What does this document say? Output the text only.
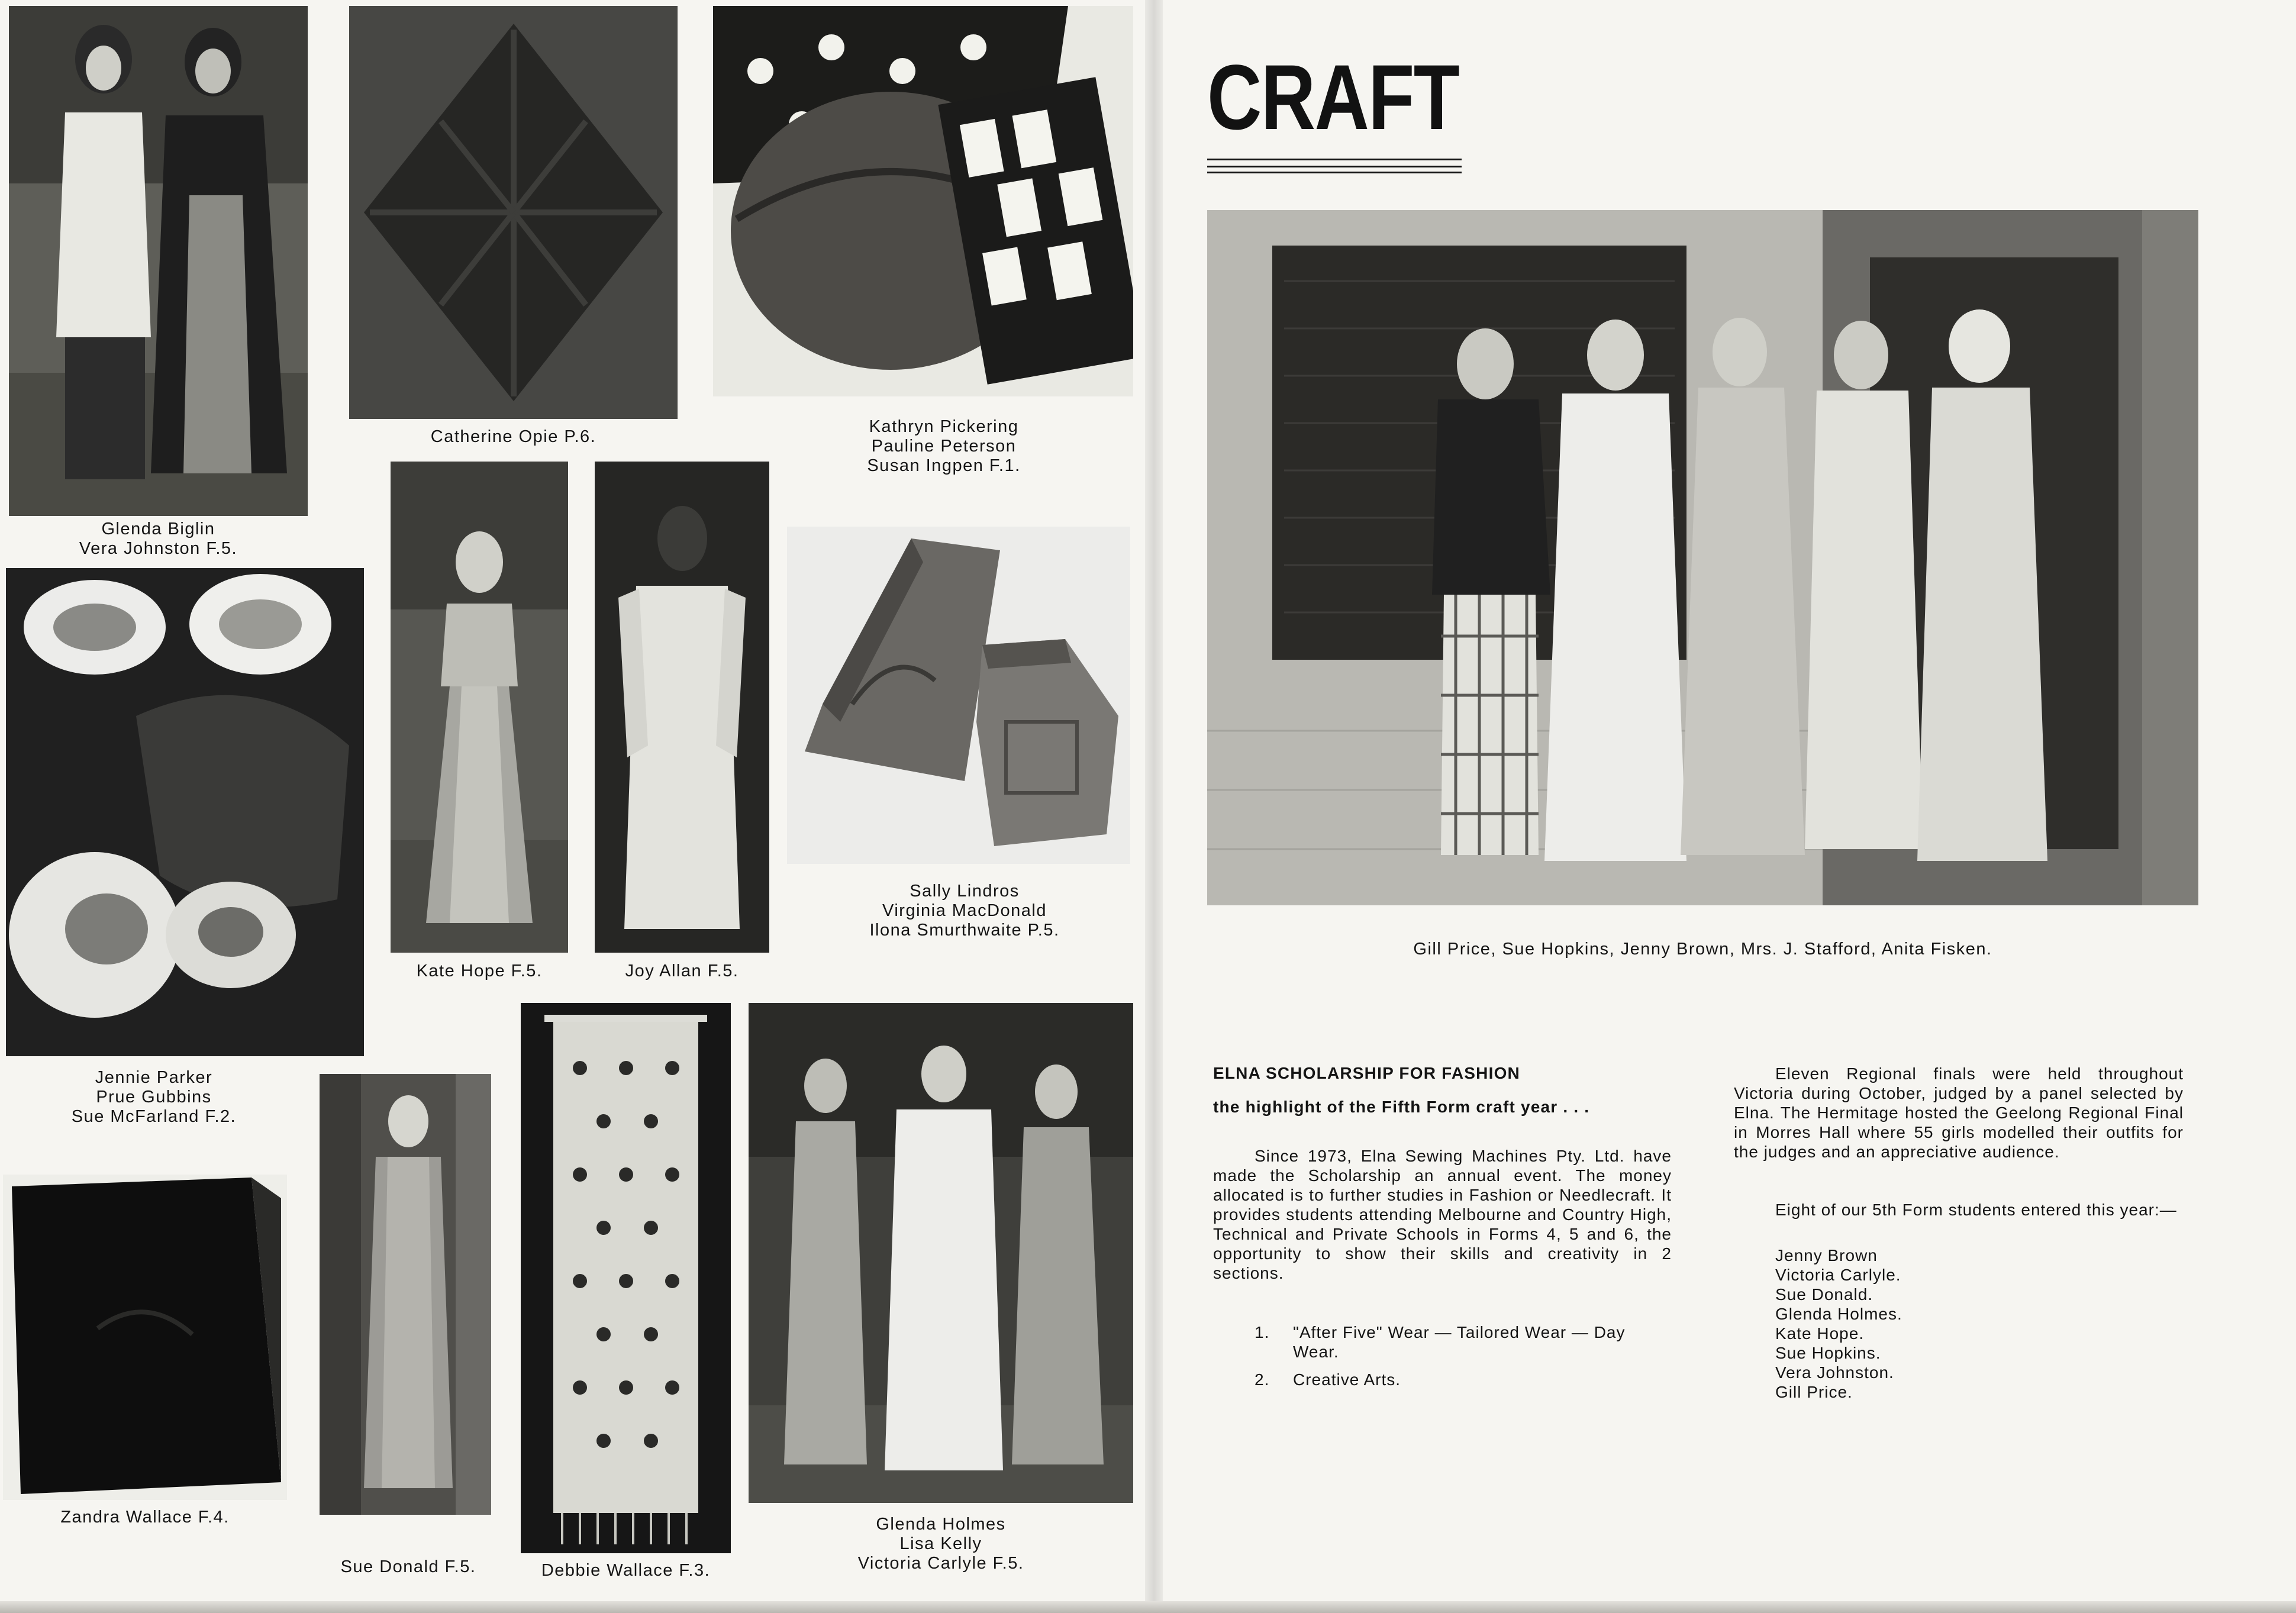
Glenda Biglin
Vera Johnston F.5.
Catherine Opie P.6.
Kathryn Pickering
Pauline Peterson
Susan Ingpen F.1.
Jennie Parker
Prue Gubbins
Sue McFarland F.2.
Kate Hope F.5.	Joy Allan F.5.
Sally Lindros
Virginia MacDonald
Ilona Smurthwaite P.5.
Zandra Wallace F.4.
Sue Donald F.5.	Debbie Wallace F.3.
Glenda Holmes
Lisa Kelly
Victoria Carlyle F.5.
CRAFT
Gill Price, Sue Hopkins, Jenny Brown, Mrs. J. Stafford, Anita Fisken.
ELNA SCHOLARSHIP FOR FASHION
the highlight of the Fifth Form craft year . . .
Since 1973, Elna Sewing Machines Pty. Ltd. have made the Scholarship an annual event. The money allocated is to further studies in Fashion or Needlecraft. It provides students attending Melbourne and Country High, Technical and Private Schools in Forms 4, 5 and 6, the opportunity to show their skills and creativity in 2 sections.
1. "After Five" Wear — Tailored Wear — Day Wear.
2. Creative Arts.
Eleven Regional finals were held throughout Victoria during October, judged by a panel selected by Elna. The Hermitage hosted the Geelong Regional Final in Morres Hall where 55 girls modelled their outfits for the judges and an appreciative audience.
Eight of our 5th Form students entered this year:—
Jenny Brown
Victoria Carlyle.
Sue Donald.
Glenda Holmes.
Kate Hope.
Sue Hopkins.
Vera Johnston.
Gill Price.
